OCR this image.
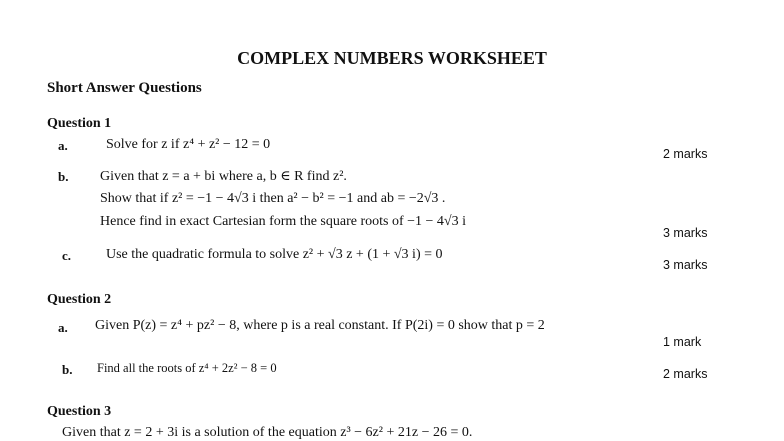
COMPLEX NUMBERS WORKSHEET
Short Answer Questions
Question 1
a.	Solve for z if z⁴ + z² − 12 = 0
2 marks
b. Given that z = a + bi where a, b ∈ R find z².
Show that if z² = −1 − 4√3 i then a² − b² = −1 and ab = −2√3 .
Hence find in exact Cartesian form the square roots of −1 − 4√3 i
3 marks
c. Use the quadratic formula to solve z² + √3 z + (1 + √3 i) = 0
3 marks
Question 2
a. Given P(z) = z⁴ + pz² − 8, where p is a real constant. If P(2i) = 0 show that p = 2
1 mark
b. Find all the roots of z⁴ + 2z² − 8 = 0	2 marks
Question 3
Given that z = 2 + 3i is a solution of the equation z³ − 6z² + 21z − 26 = 0.
